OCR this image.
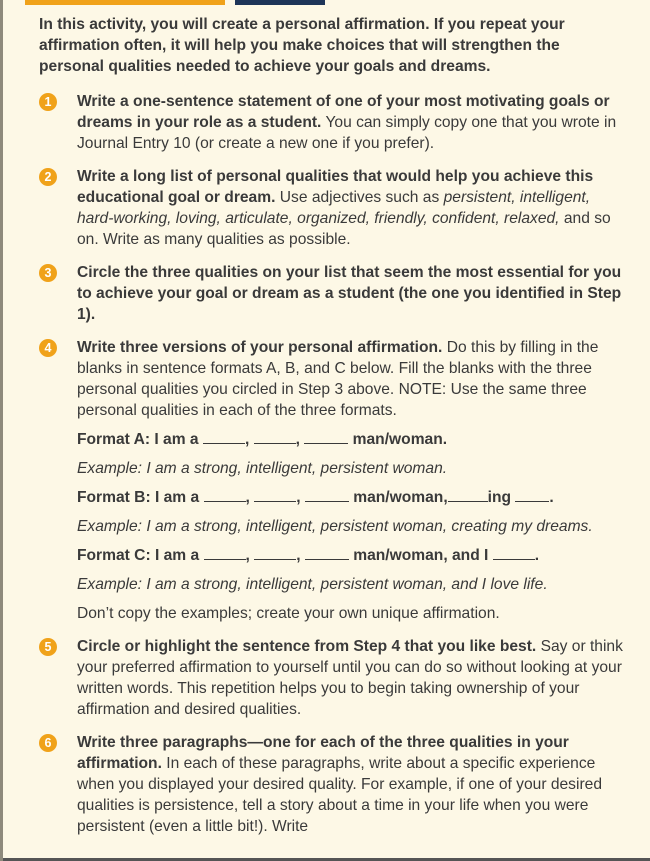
In this activity, you will create a personal affirmation. If you repeat your affirmation often, it will help you make choices that will strengthen the personal qualities needed to achieve your goals and dreams.

1	Write a one-sentence statement of one of your most motivating goals or dreams in your role as a student. You can simply copy one that you wrote in Journal Entry 10 (or create a new one if you prefer).
2	Write a long list of personal qualities that would help you achieve this educational goal or dream. Use adjectives such as persistent, intelligent, hard-working, loving, articulate, organized, friendly, confident, relaxed, and so on. Write as many qualities as possible.
3	Circle the three qualities on your list that seem the most essential for you to achieve your goal or dream as a student (the one you identified in Step 1).
4	Write three versions of your personal affirmation. Do this by filling in the blanks in sentence formats A, B, and C below. Fill the blanks with the three personal qualities you circled in Step 3 above. NOTE: Use the same three personal qualities in each of the three formats.
Format A: I am a	,	,	man/woman.
Example: I am a strong, intelligent, persistent woman.
Format B: I am a	,	,	man/woman,	ing .
Example: I am a strong, intelligent, persistent woman, creating my dreams.
Format C: I am a	,	,	man/woman, and I	.
Example: I am a strong, intelligent, persistent woman, and I love life.
Don’t copy the examples; create your own unique affirmation.
5	Circle or highlight the sentence from Step 4 that you like best. Say or think your preferred affirmation to yourself until you can do so without looking at your written words. This repetition helps you to begin taking ownership of your affirmation and desired qualities.
6	Write three paragraphs—one for each of the three qualities in your affirmation. In each of these paragraphs, write about a specific experience when you displayed your desired quality. For example, if one of your desired qualities is persistence, tell a story about a time in your life when you were persistent (even a little bit!). Write
